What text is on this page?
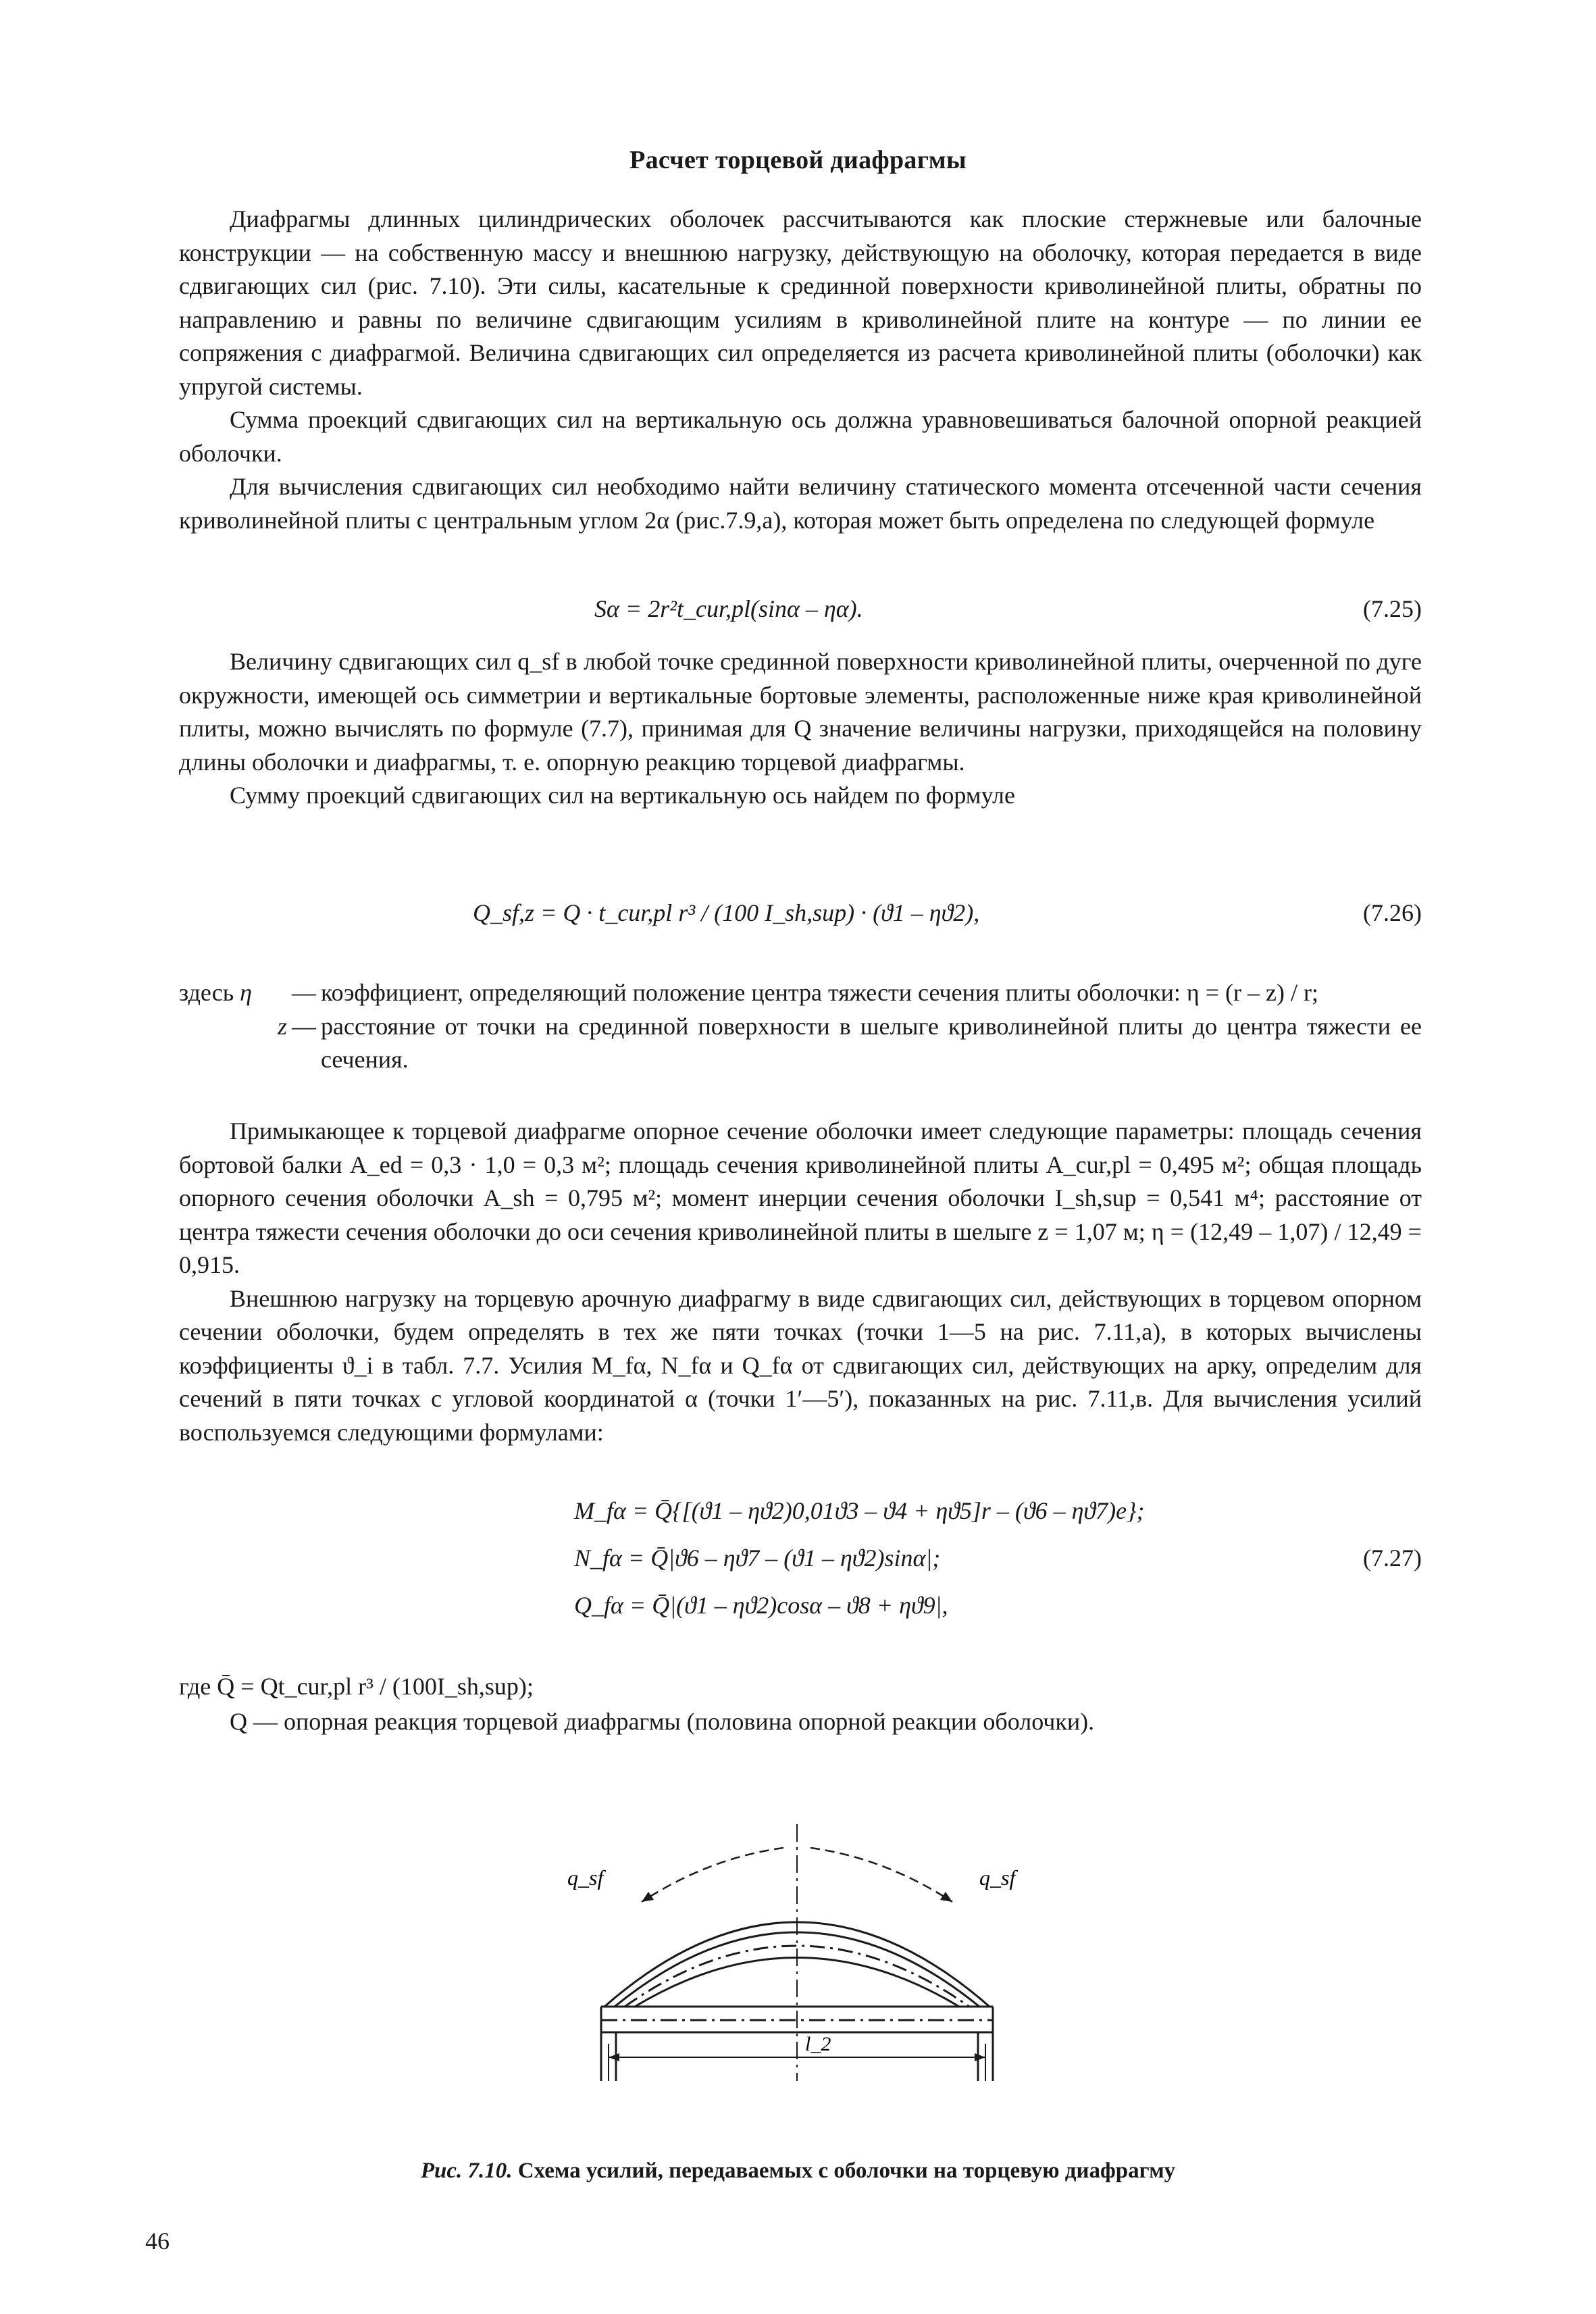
Расчет торцевой диафрагмы

Диафрагмы длинных цилиндрических оболочек рассчитываются как плоские стержневые или балочные конструкции — на собственную массу и внешнюю нагрузку, действующую на оболочку, которая передается в виде сдвигающих сил (рис. 7.10). Эти силы, касательные к срединной поверхности криволинейной плиты, обратны по направлению и равны по величине сдвигающим усилиям в криволинейной плите на контуре — по линии ее сопряжения с диафрагмой. Величина сдвигающих сил определяется из расчета криволинейной плиты (оболочки) как упругой системы.

Сумма проекций сдвигающих сил на вертикальную ось должна уравновешиваться балочной опорной реакцией оболочки.

Для вычисления сдвигающих сил необходимо найти величину статического момента отсеченной части сечения криволинейной плиты с центральным углом 2α (рис.7.9,а), которая может быть определена по следующей формуле

Sα = 2r²t_cur,pl(sinα – ηα).	(7.25)

Величину сдвигающих сил q_sf в любой точке срединной поверхности криволинейной плиты, очерченной по дуге окружности, имеющей ось симметрии и вертикальные бортовые элементы, расположенные ниже края криволинейной плиты, можно вычислять по формуле (7.7), принимая для Q значение величины нагрузки, приходящейся на половину длины оболочки и диафрагмы, т. е. опорную реакцию торцевой диафрагмы.

Сумму проекций сдвигающих сил на вертикальную ось найдем по формуле

Q_sf,z = Q · t_cur,pl r³ / (100 I_sh,sup) · (ϑ1 – ηϑ2),	(7.26)
здесь η	— коэффициент, определяющий положение центра тяжести сечения плиты оболочки: η = (r – z) / r;
z — расстояние от точки на срединной поверхности в шелыге криволинейной плиты до центра тяжести ее сечения.

Примыкающее к торцевой диафрагме опорное сечение оболочки имеет следующие параметры: площадь сечения бортовой балки A_ed = 0,3 · 1,0 = 0,3 м²; площадь сечения криволинейной плиты A_cur,pl = 0,495 м²; общая площадь опорного сечения оболочки A_sh = 0,795 м²; момент инерции сечения оболочки I_sh,sup = 0,541 м⁴; расстояние от центра тяжести сечения оболочки до оси сечения криволинейной плиты в шелыге z = 1,07 м; η = (12,49 – 1,07) / 12,49 = 0,915.

Внешнюю нагрузку на торцевую арочную диафрагму в виде сдвигающих сил, действующих в торцевом опорном сечении оболочки, будем определять в тех же пяти точках (точки 1—5 на рис. 7.11,а), в которых вычислены коэффициенты ϑ_i в табл. 7.7. Усилия M_fα, N_fα и Q_fα от сдвигающих сил, действующих на арку, определим для сечений в пяти точках с угловой координатой α (точки 1′—5′), показанных на рис. 7.11,в. Для вычисления усилий воспользуемся следующими формулами:

M_fα = Q̄{[(ϑ1 – ηϑ2)0,01ϑ3 – ϑ4 + ηϑ5]r – (ϑ6 – ηϑ7)e};
N_fα = Q̄|ϑ6 – ηϑ7 – (ϑ1 – ηϑ2)sinα|;
Q_fα = Q̄|(ϑ1 – ηϑ2)cosα – ϑ8 + ηϑ9|,
(7.27)
где Q̄ = Qt_cur,pl r³ / (100I_sh,sup);
Q — опорная реакция торцевой диафрагмы (половина опорной реакции оболочки).
q_sf	q_sf
l_2
Рис. 7.10. Схема усилий, передаваемых с оболочки на торцевую диафрагму
46
